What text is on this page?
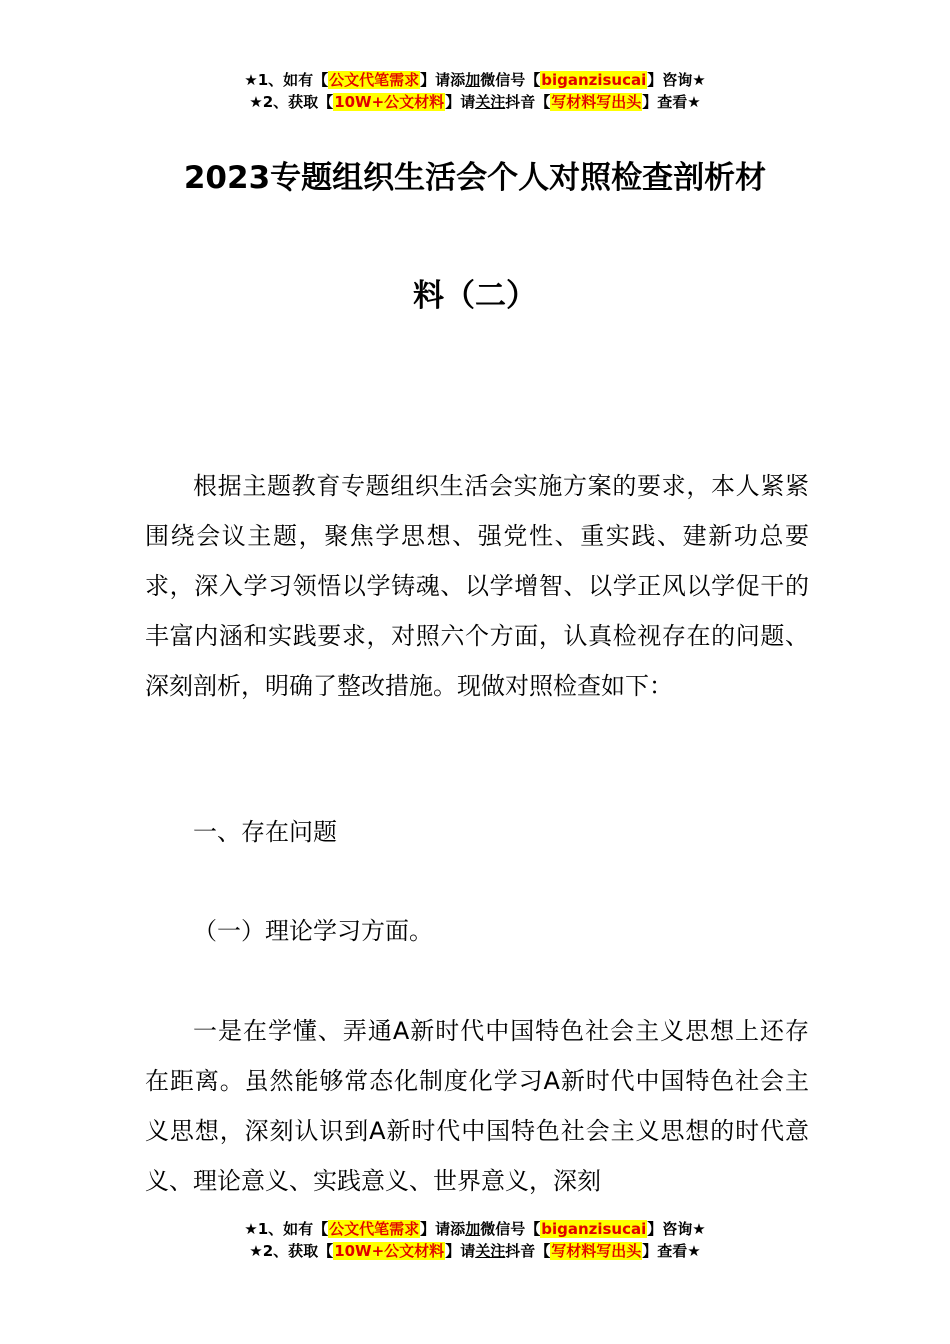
★1、如有【公文代笔需求】请添加微信号【biganzisucai】咨询★
★2、获取【10W+公文材料】请关注抖音【写材料写出头】查看★
2023专题组织生活会个人对照检查剖析材
料（二）
根据主题教育专题组织生活会实施方案的要求，本人紧紧围绕会议主题，聚焦学思想、强党性、重实践、建新功总要求，深入学习领悟以学铸魂、以学增智、以学正风以学促干的丰富内涵和实践要求，对照六个方面，认真检视存在的问题、深刻剖析，明确了整改措施。现做对照检查如下：
一、存在问题
（一）理论学习方面。
一是在学懂、弄通A新时代中国特色社会主义思想上还存在距离。虽然能够常态化制度化学习A新时代中国特色社会主义思想，深刻认识到A新时代中国特色社会主义思想的时代意义、理论意义、实践意义、世界意义，深刻
★1、如有【公文代笔需求】请添加微信号【biganzisucai】咨询★
★2、获取【10W+公文材料】请关注抖音【写材料写出头】查看★
